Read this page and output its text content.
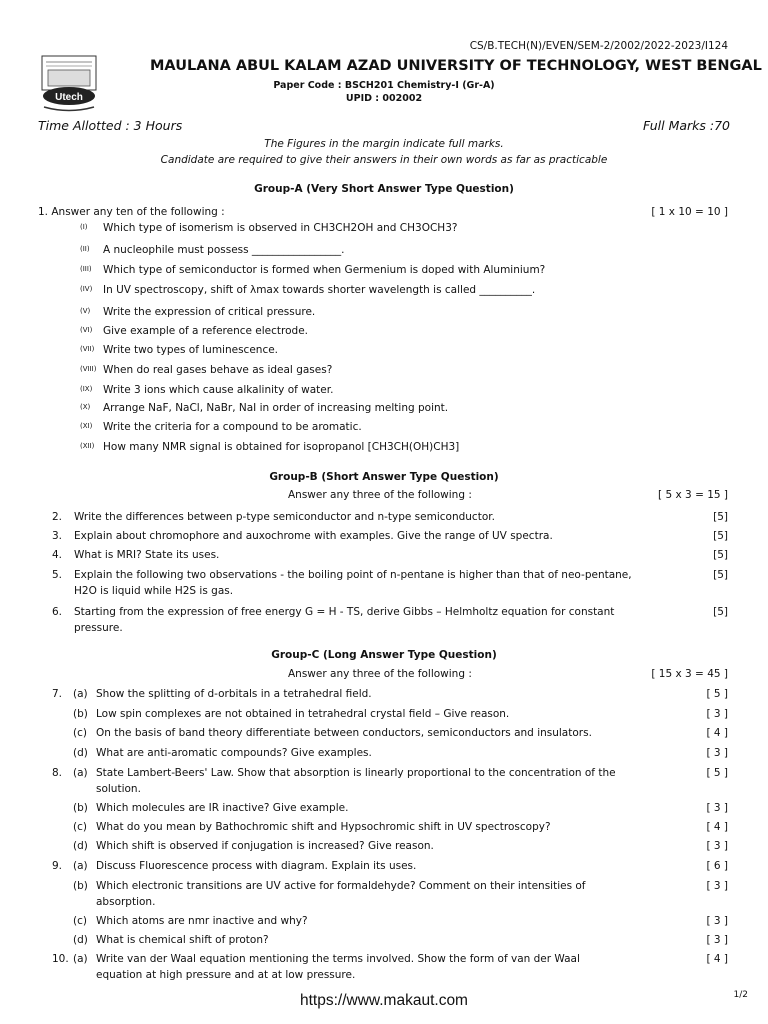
CS/B.TECH(N)/EVEN/SEM-2/2002/2022-2023/I124
Utech
MAULANA ABUL KALAM AZAD UNIVERSITY OF TECHNOLOGY, WEST BENGAL
Paper Code : BSCH201 Chemistry-I (Gr-A)
UPID : 002002
Time Allotted : 3 Hours	Full Marks :70
The Figures in the margin indicate full marks.
Candidate are required to give their answers in their own words as far as practicable
Group-A (Very Short Answer Type Question)
1. Answer any ten of the following :	[ 1 x 10 = 10 ]
(I) Which type of isomerism is observed in CH3CH2OH and CH3OCH3?
(II) A nucleophile must possess _________________.
(III) Which type of semiconductor is formed when Germenium is doped with Aluminium?
(IV) In UV spectroscopy, shift of λmax towards shorter wavelength is called __________.
(V) Write the expression of critical pressure.
(VI) Give example of a reference electrode.
(VII) Write two types of luminescence.
(VIII) When do real gases behave as ideal gases?
(IX) Write 3 ions which cause alkalinity of water.
(X) Arrange NaF, NaCl, NaBr, NaI in order of increasing melting point.
(XI) Write the criteria for a compound to be aromatic.
(XII) How many NMR signal is obtained for isopropanol [CH3CH(OH)CH3]
Group-B (Short Answer Type Question)
Answer any three of the following :	[ 5 x 3 = 15 ]
2. Write the differences between p-type semiconductor and n-type semiconductor.	[5]
3. Explain about chromophore and auxochrome with examples. Give the range of UV spectra.	[5]
4. What is MRI? State its uses.	[5]
5. Explain the following two observations - the boiling point of n-pentane is higher than that of neo-pentane,
H2O is liquid while H2S is gas.
[5]
6. Starting from the expression of free energy G = H - TS, derive Gibbs – Helmholtz equation for constant
pressure.
[5]
Group-C (Long Answer Type Question)
Answer any three of the following :	[ 15 x 3 = 45 ]
7. (a) Show the splitting of d-orbitals in a tetrahedral field.	[ 5 ]
(b) Low spin complexes are not obtained in tetrahedral crystal field – Give reason.	[ 3 ]
(c) On the basis of band theory differentiate between conductors, semiconductors and insulators.	[ 4 ]
(d) What are anti-aromatic compounds? Give examples.	[ 3 ]
8. (a) State Lambert-Beers' Law. Show that absorption is linearly proportional to the concentration of the
solution.
[ 5 ]
(b) Which molecules are IR inactive? Give example.	[ 3 ]
(c) What do you mean by Bathochromic shift and Hypsochromic shift in UV spectroscopy?	[ 4 ]
(d) Which shift is observed if conjugation is increased? Give reason.	[ 3 ]
9. (a) Discuss Fluorescence process with diagram. Explain its uses.	[ 6 ]
(b) Which electronic transitions are UV active for formaldehyde? Comment on their intensities of
absorption.
[ 3 ]
(c) Which atoms are nmr inactive and why?	[ 3 ]
(d) What is chemical shift of proton?	[ 3 ]
10. (a) Write van der Waal equation mentioning the terms involved. Show the form of van der Waal
equation at high pressure and at at low pressure.
[ 4 ]
https://www.makaut.com	1/2
